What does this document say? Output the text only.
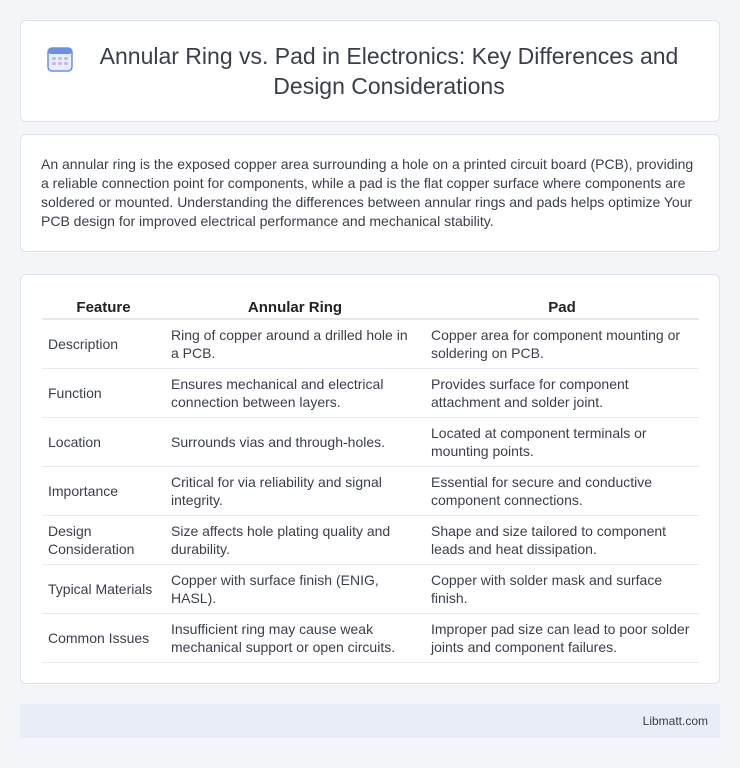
Annular Ring vs. Pad in Electronics: Key Differences and Design Considerations

An annular ring is the exposed copper area surrounding a hole on a printed circuit board (PCB), providing a reliable connection point for components, while a pad is the flat copper surface where components are soldered or mounted. Understanding the differences between annular rings and pads helps optimize Your PCB design for improved electrical performance and mechanical stability.

Feature	Annular Ring	Pad
Description	Ring of copper around a drilled hole in a PCB.	Copper area for component mounting or soldering on PCB.
Function	Ensures mechanical and electrical connection between layers.	Provides surface for component attachment and solder joint.
Location	Surrounds vias and through-holes.	Located at component terminals or mounting points.
Importance	Critical for via reliability and signal integrity.	Essential for secure and conductive component connections.
Design Consideration	Size affects hole plating quality and durability.	Shape and size tailored to component leads and heat dissipation.
Typical Materials	Copper with surface finish (ENIG, HASL).	Copper with solder mask and surface finish.
Common Issues	Insufficient ring may cause weak mechanical support or open circuits.	Improper pad size can lead to poor solder joints and component failures.
Libmatt.com
